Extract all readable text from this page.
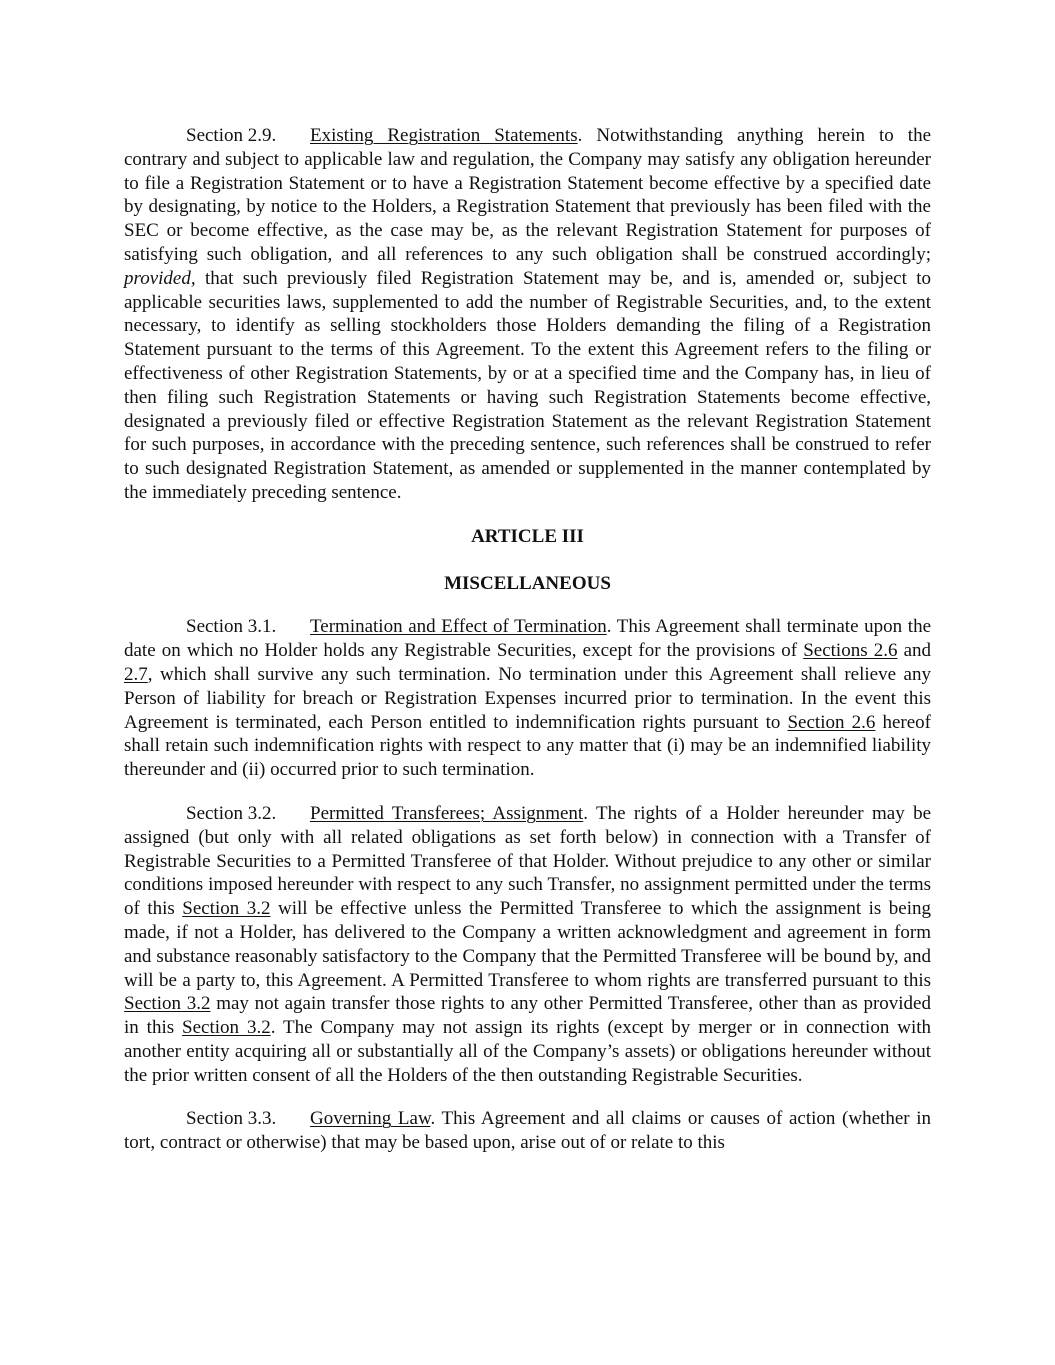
Section 2.9. Existing Registration Statements. Notwithstanding anything herein to the contrary and subject to applicable law and regulation, the Company may satisfy any obligation hereunder to file a Registration Statement or to have a Registration Statement become effective by a specified date by designating, by notice to the Holders, a Registration Statement that previously has been filed with the SEC or become effective, as the case may be, as the relevant Registration Statement for purposes of satisfying such obligation, and all references to any such obligation shall be construed accordingly; provided, that such previously filed Registration Statement may be, and is, amended or, subject to applicable securities laws, supplemented to add the number of Registrable Securities, and, to the extent necessary, to identify as selling stockholders those Holders demanding the filing of a Registration Statement pursuant to the terms of this Agreement. To the extent this Agreement refers to the filing or effectiveness of other Registration Statements, by or at a specified time and the Company has, in lieu of then filing such Registration Statements or having such Registration Statements become effective, designated a previously filed or effective Registration Statement as the relevant Registration Statement for such purposes, in accordance with the preceding sentence, such references shall be construed to refer to such designated Registration Statement, as amended or supplemented in the manner contemplated by the immediately preceding sentence.

ARTICLE III

MISCELLANEOUS

Section 3.1. Termination and Effect of Termination. This Agreement shall terminate upon the date on which no Holder holds any Registrable Securities, except for the provisions of Sections 2.6 and 2.7, which shall survive any such termination. No termination under this Agreement shall relieve any Person of liability for breach or Registration Expenses incurred prior to termination. In the event this Agreement is terminated, each Person entitled to indemnification rights pursuant to Section 2.6 hereof shall retain such indemnification rights with respect to any matter that (i) may be an indemnified liability thereunder and (ii) occurred prior to such termination.

Section 3.2. Permitted Transferees; Assignment. The rights of a Holder hereunder may be assigned (but only with all related obligations as set forth below) in connection with a Transfer of Registrable Securities to a Permitted Transferee of that Holder. Without prejudice to any other or similar conditions imposed hereunder with respect to any such Transfer, no assignment permitted under the terms of this Section 3.2 will be effective unless the Permitted Transferee to which the assignment is being made, if not a Holder, has delivered to the Company a written acknowledgment and agreement in form and substance reasonably satisfactory to the Company that the Permitted Transferee will be bound by, and will be a party to, this Agreement. A Permitted Transferee to whom rights are transferred pursuant to this Section 3.2 may not again transfer those rights to any other Permitted Transferee, other than as provided in this Section 3.2. The Company may not assign its rights (except by merger or in connection with another entity acquiring all or substantially all of the Company’s assets) or obligations hereunder without the prior written consent of all the Holders of the then outstanding Registrable Securities.

Section 3.3. Governing Law. This Agreement and all claims or causes of action (whether in tort, contract or otherwise) that may be based upon, arise out of or relate to this
